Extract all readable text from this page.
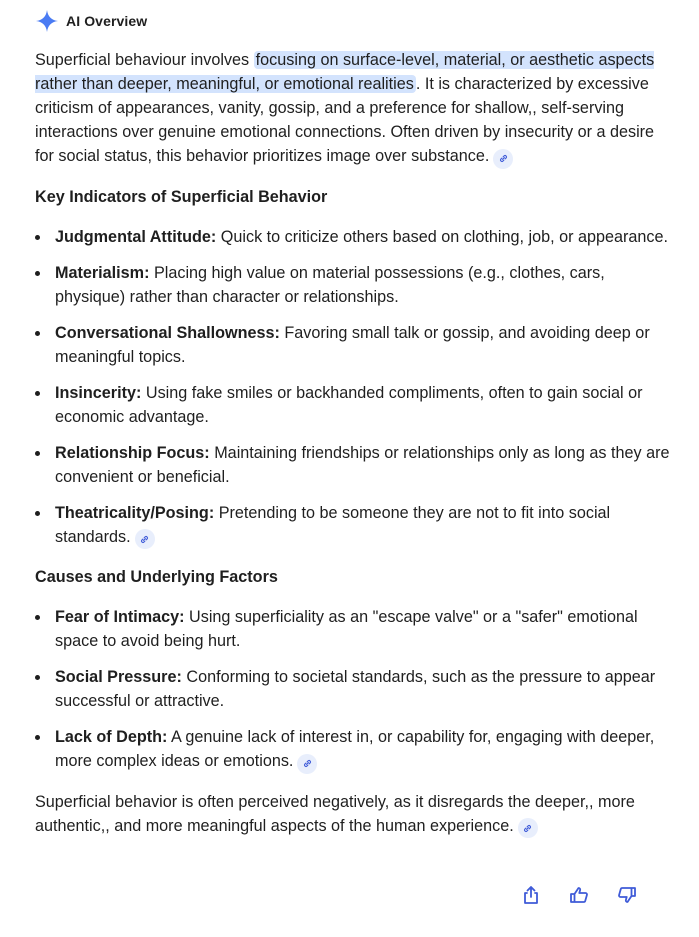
AI Overview

Superficial behaviour involves focusing on surface-level, material, or aesthetic aspects rather than deeper, meaningful, or emotional realities . It is characterized by excessive criticism of appearances, vanity, gossip, and a preference for shallow,, self-serving interactions over genuine emotional connections. Often driven by insecurity or a desire for social status, this behavior prioritizes image over substance.

Key Indicators of Superficial Behavior
Judgmental Attitude: Quick to criticize others based on clothing, job, or appearance.
Materialism: Placing high value on material possessions (e.g., clothes, cars, physique) rather than character or relationships.
Conversational Shallowness: Favoring small talk or gossip, and avoiding deep or meaningful topics.
Insincerity: Using fake smiles or backhanded compliments, often to gain social or economic advantage.
Relationship Focus: Maintaining friendships or relationships only as long as they are convenient or beneficial.
Theatricality/Posing: Pretending to be someone they are not to fit into social standards.
Causes and Underlying Factors
Fear of Intimacy: Using superficiality as an "escape valve" or a "safer" emotional space to avoid being hurt.
Social Pressure: Conforming to societal standards, such as the pressure to appear successful or attractive.
Lack of Depth: A genuine lack of interest in, or capability for, engaging with deeper, more complex ideas or emotions.

Superficial behavior is often perceived negatively, as it disregards the deeper,, more authentic,, and more meaningful aspects of the human experience.
